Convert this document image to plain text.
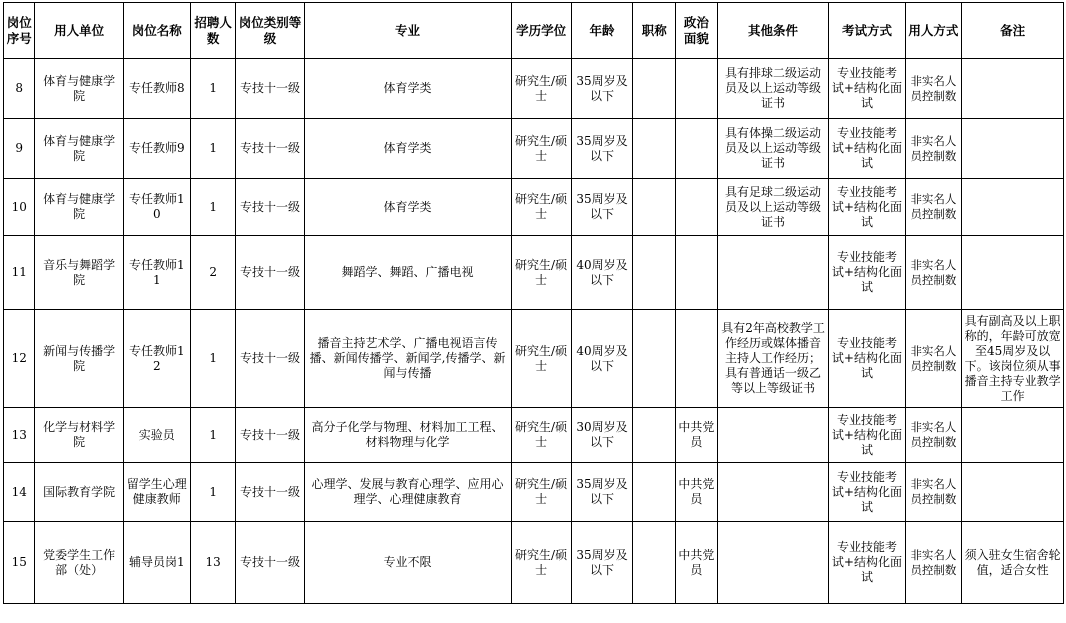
岗位序号	用人单位	岗位名称	招聘人数	岗位类别等级	专业	学历学位	年龄	职称	政治面貌	其他条件	考试方式	用人方式	备注
8	体育与健康学院	专任教师8	1	专技十一级	体育学类	研究生/硕士	35周岁及以下			具有排球二级运动员及以上运动等级证书	专业技能考试+结构化面试	非实名人员控制数	
9	体育与健康学院	专任教师9	1	专技十一级	体育学类	研究生/硕士	35周岁及以下			具有体操二级运动员及以上运动等级证书	专业技能考试+结构化面试	非实名人员控制数	
10	体育与健康学院	专任教师10	1	专技十一级	体育学类	研究生/硕士	35周岁及以下			具有足球二级运动员及以上运动等级证书	专业技能考试+结构化面试	非实名人员控制数	
11	音乐与舞蹈学院	专任教师11	2	专技十一级	舞蹈学、舞蹈、广播电视	研究生/硕士	40周岁及以下				专业技能考试+结构化面试	非实名人员控制数	
12	新闻与传播学院	专任教师12	1	专技十一级	播音主持艺术学、广播电视语言传播、新闻传播学、新闻学,传播学、新闻与传播	研究生/硕士	40周岁及以下			具有2年高校教学工作经历或媒体播音主持人工作经历；具有普通话一级乙等以上等级证书	专业技能考试+结构化面试	非实名人员控制数	具有副高及以上职称的，年龄可放宽至45周岁及以下。该岗位须从事播音主持专业教学工作
13	化学与材料学院	实验员	1	专技十一级	高分子化学与物理、材料加工工程、材料物理与化学	研究生/硕士	30周岁及以下		中共党员		专业技能考试+结构化面试	非实名人员控制数	
14	国际教育学院	留学生心理健康教师	1	专技十一级	心理学、发展与教育心理学、应用心理学、心理健康教育	研究生/硕士	35周岁及以下		中共党员		专业技能考试+结构化面试	非实名人员控制数	
15	党委学生工作部（处）	辅导员岗1	13	专技十一级	专业不限	研究生/硕士	35周岁及以下		中共党员		专业技能考试+结构化面试	非实名人员控制数	须入驻女生宿舍轮值，适合女性
